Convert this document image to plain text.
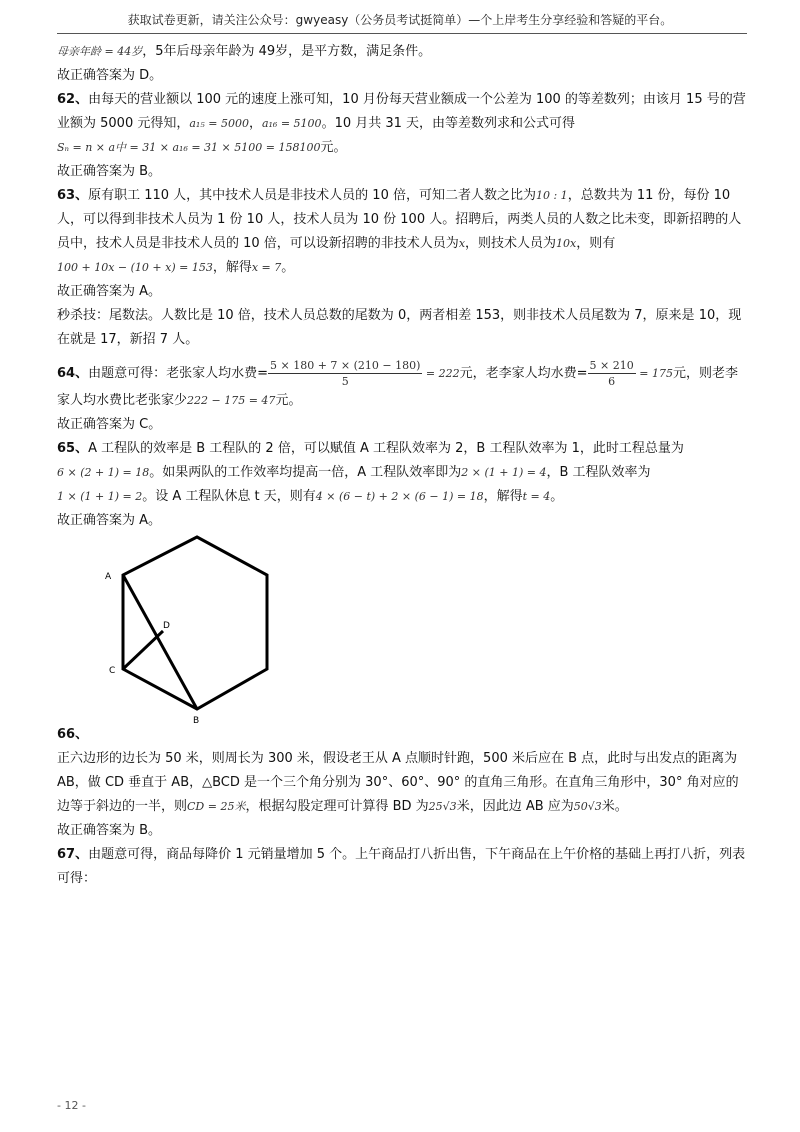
获取试卷更新，请关注公众号：gwyeasy（公务员考试挺简单）—个上岸考生分享经验和答疑的平台。

母亲年龄 = 44岁，5年后母亲年龄为 49岁，是平方数，满足条件。

故正确答案为 D。

62、由每天的营业额以 100 元的速度上涨可知，10 月份每天营业额成一个公差为 100 的等差数列；由该月 15 号的营业额为 5000 元得知，a₁₅ = 5000，a₁₆ = 5100。10 月共 31 天，由等差数列求和公式可得
Sₙ = n × a中 = 31 × a₁₆ = 31 × 5100 = 158100元。

故正确答案为 B。

63、原有职工 110 人，其中技术人员是非技术人员的 10 倍，可知二者人数之比为10 : 1，总数共为 11 份，每份 10 人，可以得到非技术人员为 1 份 10 人，技术人员为 10 份 100 人。招聘后，两类人员的人数之比未变，即新招聘的人员中，技术人员是非技术人员的 10 倍，可以设新招聘的非技术人员为x，则技术人员为10x，则有
100 + 10x − (10 + x) = 153，解得x = 7。

故正确答案为 A。

秒杀技：尾数法。人数比是 10 倍，技术人员总数的尾数为 0，两者相差 153，则非技术人员尾数为 7，原来是 10，现在就是 17，新招 7 人。

64、由题意可得：老张家人均水费= $\frac{5 \times 180 + 7 \times (210 - 180)}{5} = 222$元，老李家人均水费= $\frac{5 \times 210}{6} = 175$元，则老李家人均水费比老张家少222 − 175 = 47元。

故正确答案为 C。

65、A 工程队的效率是 B 工程队的 2 倍，可以赋值 A 工程队效率为 2，B 工程队效率为 1，此时工程总量为
6 × (2 + 1) = 18。如果两队的工作效率均提高一倍，A 工程队效率即为2 × (1 + 1) = 4，B 工程队效率为
1 × (1 + 1) = 2。设 A 工程队休息 t 天，则有4 × (6 − t) + 2 × (6 − 1) = 18，解得t = 4。

故正确答案为 A。

A
B
C
D

66、

正六边形的边长为 50 米，则周长为 300 米，假设老王从 A 点顺时针跑，500 米后应在 B 点，此时与出发点的距离为 AB，做 CD 垂直于 AB，△BCD 是一个三个角分别为 30°、60°、90° 的直角三角形。在直角三角形中，30° 角对应的边等于斜边的一半，则CD = 25米，根据勾股定理可计算得 BD 为25√3米，因此边 AB 应为50√3米。

故正确答案为 B。

67、由题意可得，商品每降价 1 元销量增加 5 个。上午商品打八折出售，下午商品在上午价格的基础上再打八折，列表可得：

- 12 -
